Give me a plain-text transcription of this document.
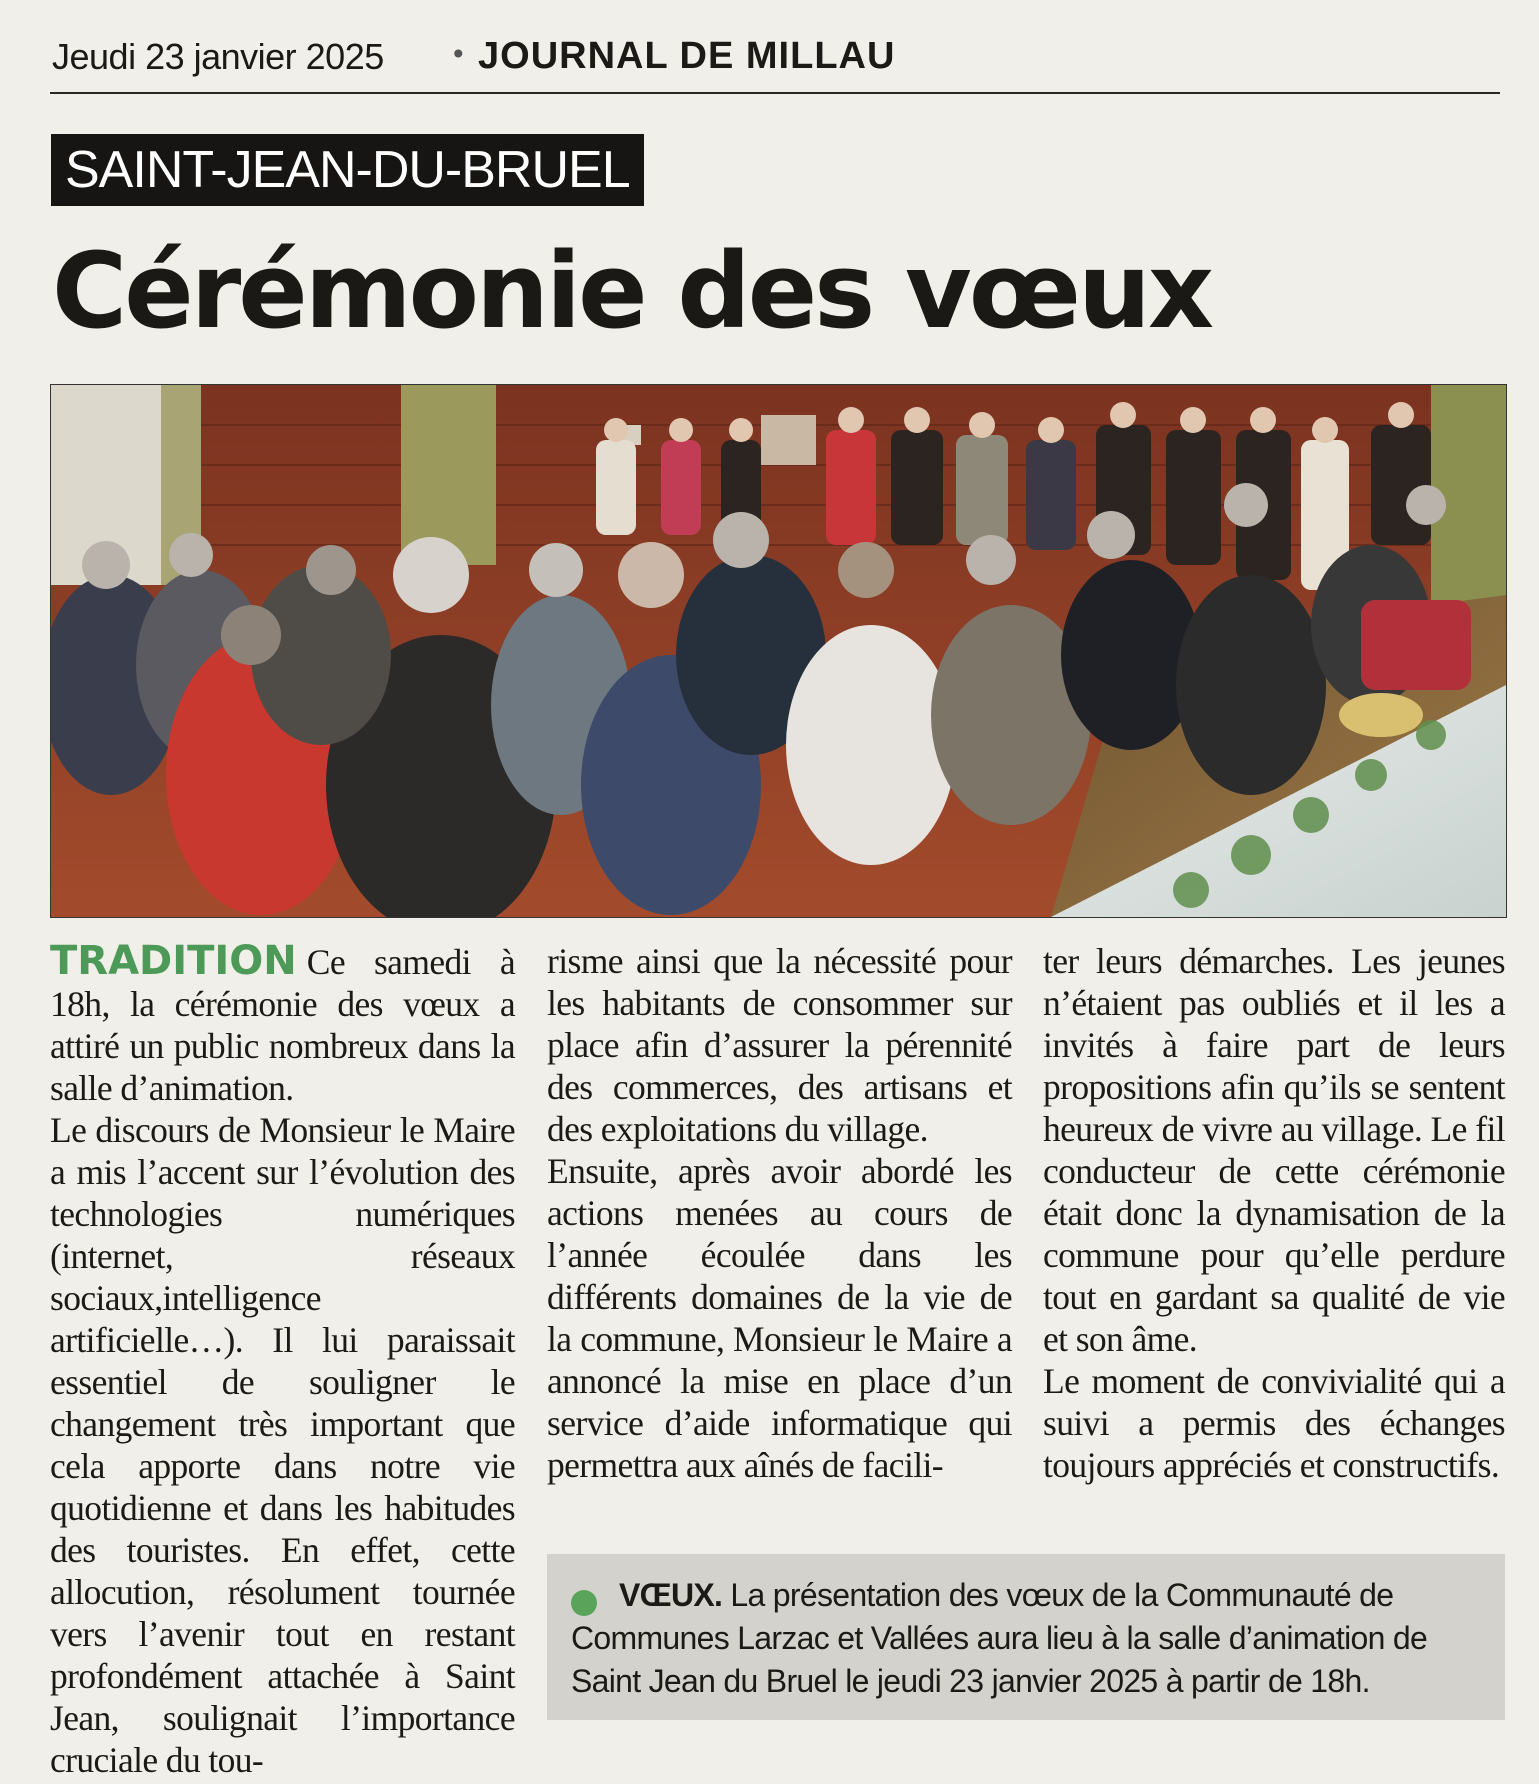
Jeudi 23 janvier 2025 • JOURNAL DE MILLAU
SAINT-JEAN-DU-BRUEL
Cérémonie des vœux

TRADITION Ce samedi à 18h, la cérémonie des vœux a attiré un public nombreux dans la salle d’animation.

Le discours de Monsieur le Maire a mis l’accent sur l’évolution des technologies numériques (internet, réseaux sociaux,intelligence artificielle…). Il lui paraissait essentiel de souligner le changement très important que cela apporte dans notre vie quotidienne et dans les habitudes des touristes. En effet, cette allocution, résolument tournée vers l’avenir tout en restant profondément attachée à Saint Jean, soulignait l’importance cruciale du tou-

risme ainsi que la nécessité pour les habitants de consommer sur place afin d’assurer la pérennité des commerces, des artisans et des exploitations du village.

Ensuite, après avoir abordé les actions menées au cours de l’année écoulée dans les différents domaines de la vie de la commune, Monsieur le Maire a annoncé la mise en place d’un service d’aide informatique qui permettra aux aînés de facili-

ter leurs démarches. Les jeunes n’étaient pas oubliés et il les a invités à faire part de leurs propositions afin qu’ils se sentent heureux de vivre au village. Le fil conducteur de cette cérémonie était donc la dynamisation de la commune pour qu’elle perdure tout en gardant sa qualité de vie et son âme.

Le moment de convivialité qui a suivi a permis des échanges toujours appréciés et constructifs.

VŒUX. La présentation des vœux de la Communauté de Communes Larzac et Vallées aura lieu à la salle d’animation de Saint Jean du Bruel le jeudi 23 janvier 2025 à partir de 18h.
